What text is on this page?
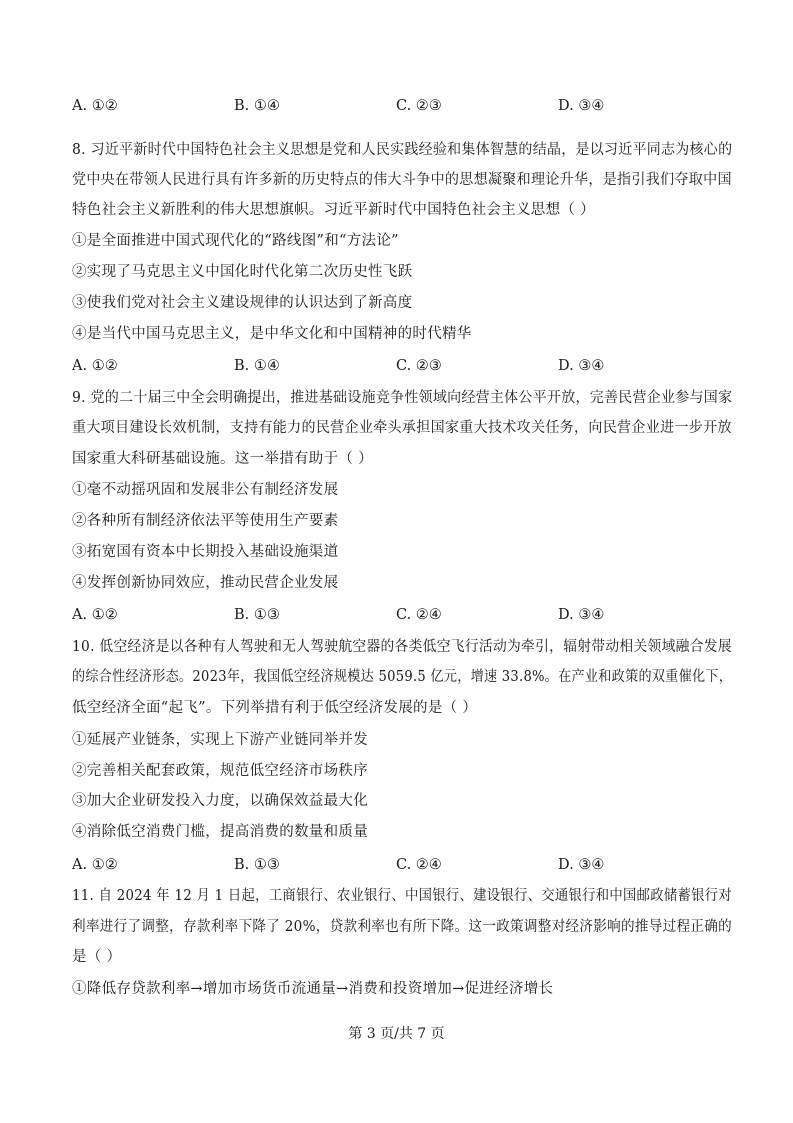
A. ①②	B. ①④	C. ②③	D. ③④
8. 习近平新时代中国特色社会主义思想是党和人民实践经验和集体智慧的结晶，是以习近平同志为核心的
党中央在带领人民进行具有许多新的历史特点的伟大斗争中的思想凝聚和理论升华，是指引我们夺取中国
特色社会主义新胜利的伟大思想旗帜。习近平新时代中国特色社会主义思想（ ）
①是全面推进中国式现代化的“路线图”和“方法论”
②实现了马克思主义中国化时代化第二次历史性飞跃
③使我们党对社会主义建设规律的认识达到了新高度
④是当代中国马克思主义，是中华文化和中国精神的时代精华
A. ①②	B. ①④	C. ②③	D. ③④
9. 党的二十届三中全会明确提出，推进基础设施竞争性领域向经营主体公平开放，完善民营企业参与国家
重大项目建设长效机制，支持有能力的民营企业牵头承担国家重大技术攻关任务，向民营企业进一步开放
国家重大科研基础设施。这一举措有助于（ ）
①毫不动摇巩固和发展非公有制经济发展
②各种所有制经济依法平等使用生产要素
③拓宽国有资本中长期投入基础设施渠道
④发挥创新协同效应，推动民营企业发展
A. ①②	B. ①③	C. ②④	D. ③④
10. 低空经济是以各种有人驾驶和无人驾驶航空器的各类低空飞行活动为牵引，辐射带动相关领域融合发展
的综合性经济形态。2023年，我国低空经济规模达 5059.5 亿元，增速 33.8%。在产业和政策的双重催化下，
低空经济全面“起飞”。下列举措有利于低空经济发展的是（ ）
①延展产业链条，实现上下游产业链同举并发
②完善相关配套政策，规范低空经济市场秩序
③加大企业研发投入力度，以确保效益最大化
④消除低空消费门槛，提高消费的数量和质量
A. ①②	B. ①③	C. ②④	D. ③④
11. 自 2024 年 12 月 1 日起，工商银行、农业银行、中国银行、建设银行、交通银行和中国邮政储蓄银行对
利率进行了调整，存款利率下降了 20%，贷款利率也有所下降。这一政策调整对经济影响的推导过程正确的
是（ ）
①降低存贷款利率→增加市场货币流通量→消费和投资增加→促进经济增长
第 3 页/共 7 页
